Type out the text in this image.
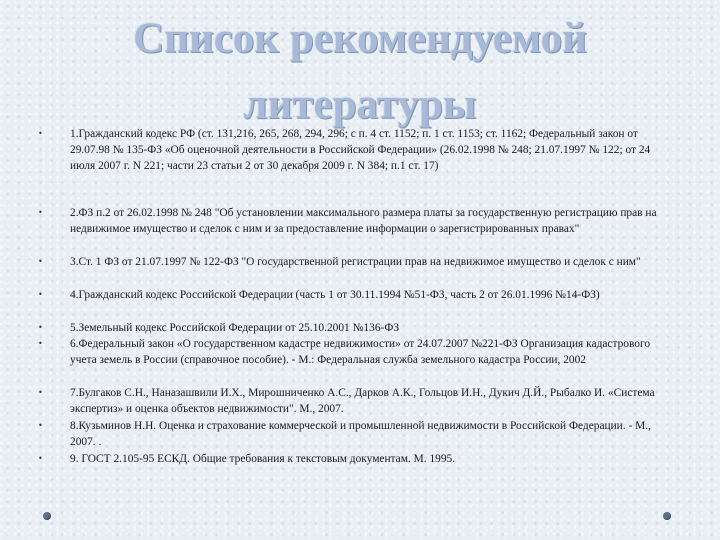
Список рекомендуемой
литературы
• 1.Гражданский кодекс РФ (ст. 131,216, 265, 268, 294, 296; с п. 4 ст. 1152; п. 1 ст. 1153; ст. 1162; Федеральный закон от 29.07.98 № 135-ФЗ «Об оценочной деятельности в Российской Федерации» (26.02.1998 № 248; 21.07.1997 № 122; от 24 июля 2007 г. N 221; части 23 статьи 2 от 30 декабря 2009 г. N 384; п.1 ст. 17)
• 2.ФЗ п.2 от 26.02.1998 № 248 "Об установлении максимального размера платы за государственную регистрацию прав на недвижимое имущество и сделок с ним и за предоставление информации о зарегистрированных правах"
• 3.Ст. 1 ФЗ от 21.07.1997 № 122-ФЗ "О государственной регистрации прав на недвижимое имущество и сделок с ним"
• 4.Гражданский кодекс Российской Федерации (часть 1 от 30.11.1994 №51-ФЗ, часть 2 от 26.01.1996 №14-ФЗ)
• 5.Земельный кодекс Российской Федерации от 25.10.2001 №136-ФЗ
• 6.Федеральный закон «О государственном кадастре недвижимости» от 24.07.2007 №221-ФЗ Организация кадастрового учета земель в России (справочное пособие). - М.: Федеральная служба земельного кадастра России, 2002
• 7.Булгаков С.Н., Наназашвили И.Х., Мирошниченко А.С., Дарков А.К., Гольцов И.Н., Дукич Д.Й., Рыбалко И. «Система экспертиз» и оценка объектов недвижимости". М., 2007.
• 8.Кузьминов Н.Н. Оценка и страхование коммерческой и промышленной недвижимости в Российской Федерации. - М., 2007. .
• 9. ГОСТ 2.105-95 ЕСКД. Общие требования к текстовым документам. М. 1995.
